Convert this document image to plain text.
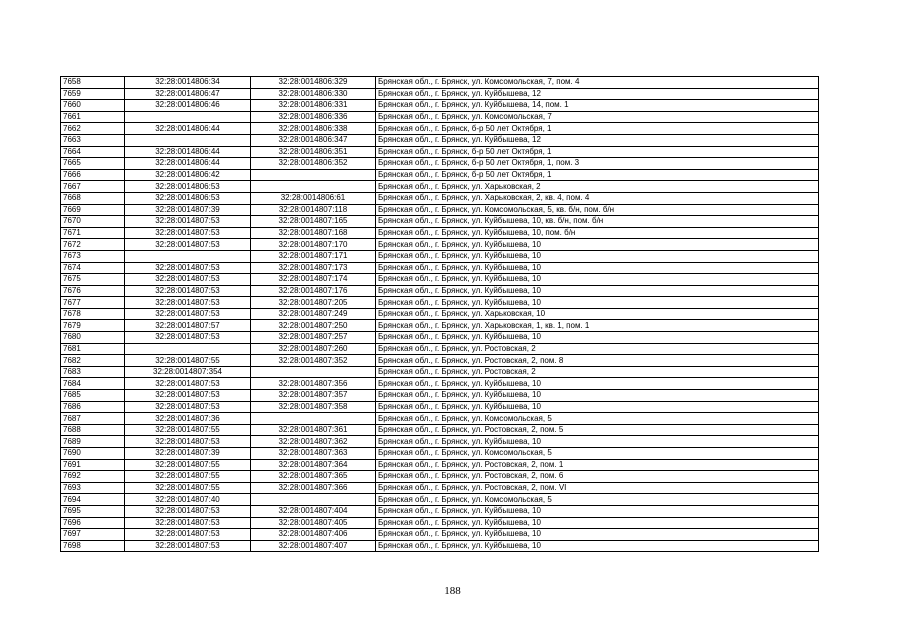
7658	32:28:0014806:34	32:28:0014806:329	Брянская обл., г. Брянск, ул. Комсомольская, 7, пом. 4
7659	32:28:0014806:47	32:28:0014806:330	Брянская обл., г. Брянск, ул. Куйбышева, 12
7660	32:28:0014806:46	32:28:0014806:331	Брянская обл., г. Брянск, ул. Куйбышева, 14, пом. 1
7661		32:28:0014806:336	Брянская обл., г. Брянск, ул. Комсомольская, 7
7662	32:28:0014806:44	32:28:0014806:338	Брянская обл., г. Брянск, б-р 50 лет Октября, 1
7663		32:28:0014806:347	Брянская обл., г. Брянск, ул. Куйбышева, 12
7664	32:28:0014806:44	32:28:0014806:351	Брянская обл., г. Брянск, б-р 50 лет Октября, 1
7665	32:28:0014806:44	32:28:0014806:352	Брянская обл., г. Брянск, б-р 50 лет Октября, 1, пом. 3
7666	32:28:0014806:42		Брянская обл., г. Брянск, б-р 50 лет Октября, 1
7667	32:28:0014806:53		Брянская обл., г. Брянск, ул. Харьковская, 2
7668	32:28:0014806:53	32:28:0014806:61	Брянская обл., г. Брянск, ул. Харьковская, 2, кв. 4, пом. 4
7669	32:28:0014807:39	32:28:0014807:118	Брянская обл., г. Брянск, ул. Комсомольская, 5, кв. б/н, пом. б/н
7670	32:28:0014807:53	32:28:0014807:165	Брянская обл., г. Брянск, ул. Куйбышева, 10, кв. б/н, пом. б/н
7671	32:28:0014807:53	32:28:0014807:168	Брянская обл., г. Брянск, ул. Куйбышева, 10, пом. б/н
7672	32:28:0014807:53	32:28:0014807:170	Брянская обл., г. Брянск, ул. Куйбышева, 10
7673		32:28:0014807:171	Брянская обл., г. Брянск, ул. Куйбышева, 10
7674	32:28:0014807:53	32:28:0014807:173	Брянская обл., г. Брянск, ул. Куйбышева, 10
7675	32:28:0014807:53	32:28:0014807:174	Брянская обл., г. Брянск, ул. Куйбышева, 10
7676	32:28:0014807:53	32:28:0014807:176	Брянская обл., г. Брянск, ул. Куйбышева, 10
7677	32:28:0014807:53	32:28:0014807:205	Брянская обл., г. Брянск, ул. Куйбышева, 10
7678	32:28:0014807:53	32:28:0014807:249	Брянская обл., г. Брянск, ул. Харьковская, 10
7679	32:28:0014807:57	32:28:0014807:250	Брянская обл., г. Брянск, ул. Харьковская, 1, кв. 1, пом. 1
7680	32:28:0014807:53	32:28:0014807:257	Брянская обл., г. Брянск, ул. Куйбышева, 10
7681		32:28:0014807:260	Брянская обл., г. Брянск, ул. Ростовская, 2
7682	32:28:0014807:55	32:28:0014807:352	Брянская обл., г. Брянск, ул. Ростовская, 2, пом. 8
7683	32:28:0014807:354		Брянская обл., г. Брянск, ул. Ростовская, 2
7684	32:28:0014807:53	32:28:0014807:356	Брянская обл., г. Брянск, ул. Куйбышева, 10
7685	32:28:0014807:53	32:28:0014807:357	Брянская обл., г. Брянск, ул. Куйбышева, 10
7686	32:28:0014807:53	32:28:0014807:358	Брянская обл., г. Брянск, ул. Куйбышева, 10
7687	32:28:0014807:36		Брянская обл., г. Брянск, ул. Комсомольская, 5
7688	32:28:0014807:55	32:28:0014807:361	Брянская обл., г. Брянск, ул. Ростовская, 2, пом. 5
7689	32:28:0014807:53	32:28:0014807:362	Брянская обл., г. Брянск, ул. Куйбышева, 10
7690	32:28:0014807:39	32:28:0014807:363	Брянская обл., г. Брянск, ул. Комсомольская, 5
7691	32:28:0014807:55	32:28:0014807:364	Брянская обл., г. Брянск, ул. Ростовская, 2, пом. 1
7692	32:28:0014807:55	32:28:0014807:365	Брянская обл., г. Брянск, ул. Ростовская, 2, пом. 6
7693	32:28:0014807:55	32:28:0014807:366	Брянская обл., г. Брянск, ул. Ростовская, 2, пом. VI
7694	32:28:0014807:40		Брянская обл., г. Брянск, ул. Комсомольская, 5
7695	32:28:0014807:53	32:28:0014807:404	Брянская обл., г. Брянск, ул. Куйбышева, 10
7696	32:28:0014807:53	32:28:0014807:405	Брянская обл., г. Брянск, ул. Куйбышева, 10
7697	32:28:0014807:53	32:28:0014807:406	Брянская обл., г. Брянск, ул. Куйбышева, 10
7698	32:28:0014807:53	32:28:0014807:407	Брянская обл., г. Брянск, ул. Куйбышева, 10
188
